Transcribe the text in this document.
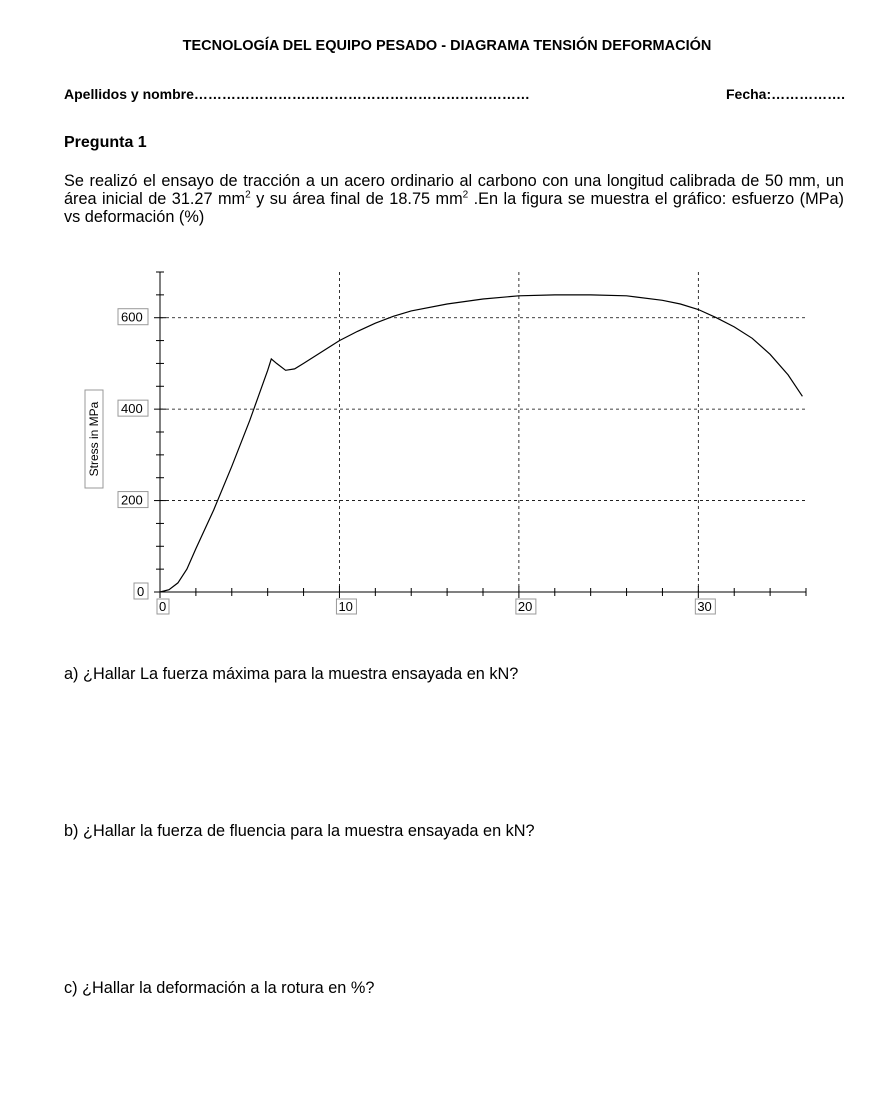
TECNOLOGÍA DEL EQUIPO PESADO - DIAGRAMA TENSIÓN DEFORMACIÓN
Apellidos y nombre………………………………………………………………	Fecha:…………….
Pregunta 1
Se realizó el ensayo de tracción a un acero ordinario al carbono con una longitud calibrada de 50 mm, un área inicial de 31.27 $mm^2$ y su área final de 18.75 $mm^2$ .En la figura se muestra el gráfico: esfuerzo (MPa) vs deformación (%)
0
200
400
600
0	10	20	30
Stress in MPa
a) ¿Hallar La fuerza máxima para la muestra ensayada en kN?
b) ¿Hallar la fuerza de fluencia para la muestra ensayada en kN?
c) ¿Hallar la deformación a la rotura en %?
